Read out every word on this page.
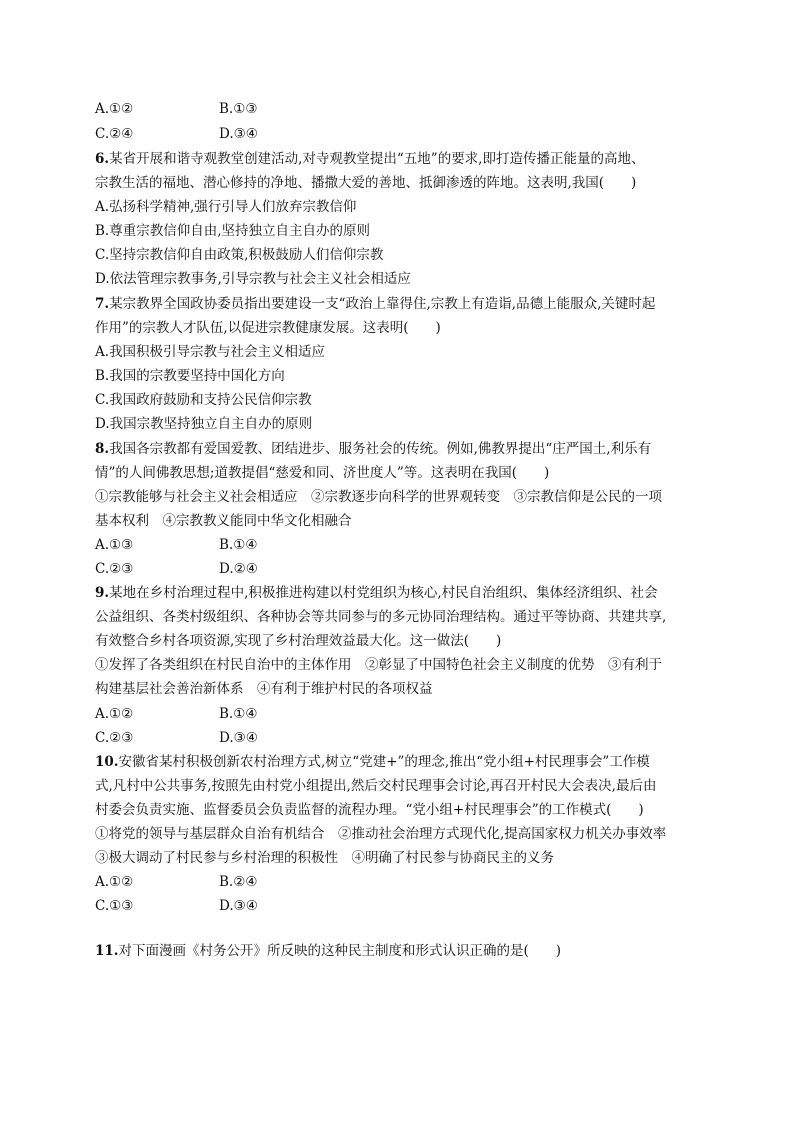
A.①②	B.①③
C.②④	D.③④
6.某省开展和谐寺观教堂创建活动,对寺观教堂提出“五地”的要求,即打造传播正能量的高地、
宗教生活的福地、潜心修持的净地、播撒大爱的善地、抵御渗透的阵地。这表明,我国(　　)
A.弘扬科学精神,强行引导人们放弃宗教信仰
B.尊重宗教信仰自由,坚持独立自主自办的原则
C.坚持宗教信仰自由政策,积极鼓励人们信仰宗教
D.依法管理宗教事务,引导宗教与社会主义社会相适应
7.某宗教界全国政协委员指出要建设一支“政治上靠得住,宗教上有造诣,品德上能服众,关键时起
作用”的宗教人才队伍,以促进宗教健康发展。这表明(　　)
A.我国积极引导宗教与社会主义相适应
B.我国的宗教要坚持中国化方向
C.我国政府鼓励和支持公民信仰宗教
D.我国宗教坚持独立自主自办的原则
8.我国各宗教都有爱国爱教、团结进步、服务社会的传统。例如,佛教界提出“庄严国土,利乐有
情”的人间佛教思想;道教提倡“慈爱和同、济世度人”等。这表明在我国(　　)
①宗教能够与社会主义社会相适应　②宗教逐步向科学的世界观转变　③宗教信仰是公民的一项
基本权利　④宗教教义能同中华文化相融合
A.①③	B.①④
C.②③	D.②④
9.某地在乡村治理过程中,积极推进构建以村党组织为核心,村民自治组织、集体经济组织、社会
公益组织、各类村级组织、各种协会等共同参与的多元协同治理结构。通过平等协商、共建共享,
有效整合乡村各项资源,实现了乡村治理效益最大化。这一做法(　　)
①发挥了各类组织在村民自治中的主体作用　②彰显了中国特色社会主义制度的优势　③有利于
构建基层社会善治新体系　④有利于维护村民的各项权益
A.①②	B.①④
C.②③	D.③④
10.安徽省某村积极创新农村治理方式,树立“党建+”的理念,推出“党小组+村民理事会”工作模
式,凡村中公共事务,按照先由村党小组提出,然后交村民理事会讨论,再召开村民大会表决,最后由
村委会负责实施、监督委员会负责监督的流程办理。“党小组+村民理事会”的工作模式(　　)
①将党的领导与基层群众自治有机结合　②推动社会治理方式现代化,提高国家权力机关办事效率
③极大调动了村民参与乡村治理的积极性　④明确了村民参与协商民主的义务
A.①②	B.②④
C.①③	D.③④
11.对下面漫画《村务公开》所反映的这种民主制度和形式认识正确的是(　　)
